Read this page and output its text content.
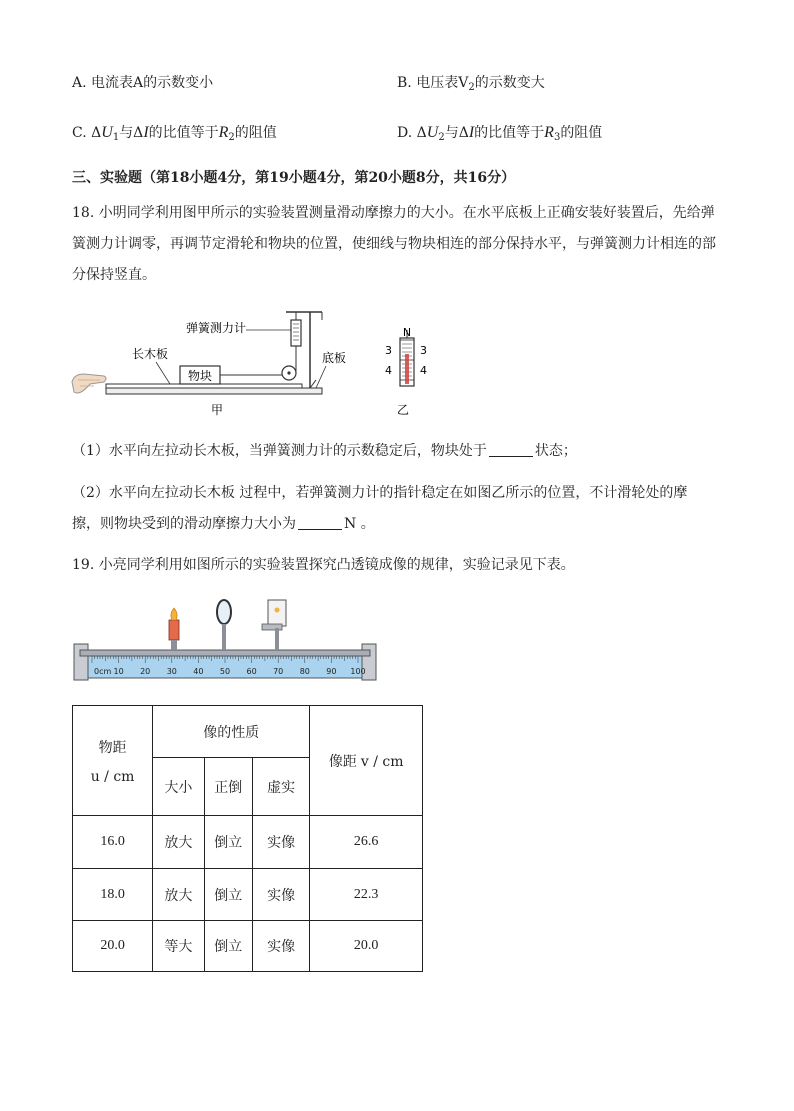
A. 电流表A的示数变小	B. 电压表$V_2$的示数变大
C. $\Delta U_1$与ΔI的比值等于$R_2$的阻值	D. $\Delta U_2$与ΔI的比值等于$R_3$的阻值
三、实验题（第18小题4分，第19小题4分，第20小题8分，共16分）
18. 小明同学利用图甲所示的实验装置测量滑动摩擦力的大小。在水平底板上正确安装好装置后，先给弹
簧测力计调零，再调节定滑轮和物块的位置，使细线与物块相连的部分保持水平，与弹簧测力计相连的部
分保持竖直。
物块
弹簧测力计
长木板	底板
甲
N
3	3
4	4
乙
（1）水平向左拉动长木板，当弹簧测力计的示数稳定后，物块处于	状态；
（2）水平向左拉动长木板 过程中，若弹簧测力计的指针稳定在如图乙所示的位置，不计滑轮处的摩
擦，则物块受到的滑动摩擦力大小为	N 。
19. 小亮同学利用如图所示的实验装置探究凸透镜成像的规律，实验记录见下表。
0cm 10 20 30 40 50 60 70 80 90 100
物距
u / cm	像的性质			像距 v / cm
	大小	正倒	虚实	
16.0	放大	倒立	实像	26.6
18.0	放大	倒立	实像	22.3
20.0	等大	倒立	实像	20.0
